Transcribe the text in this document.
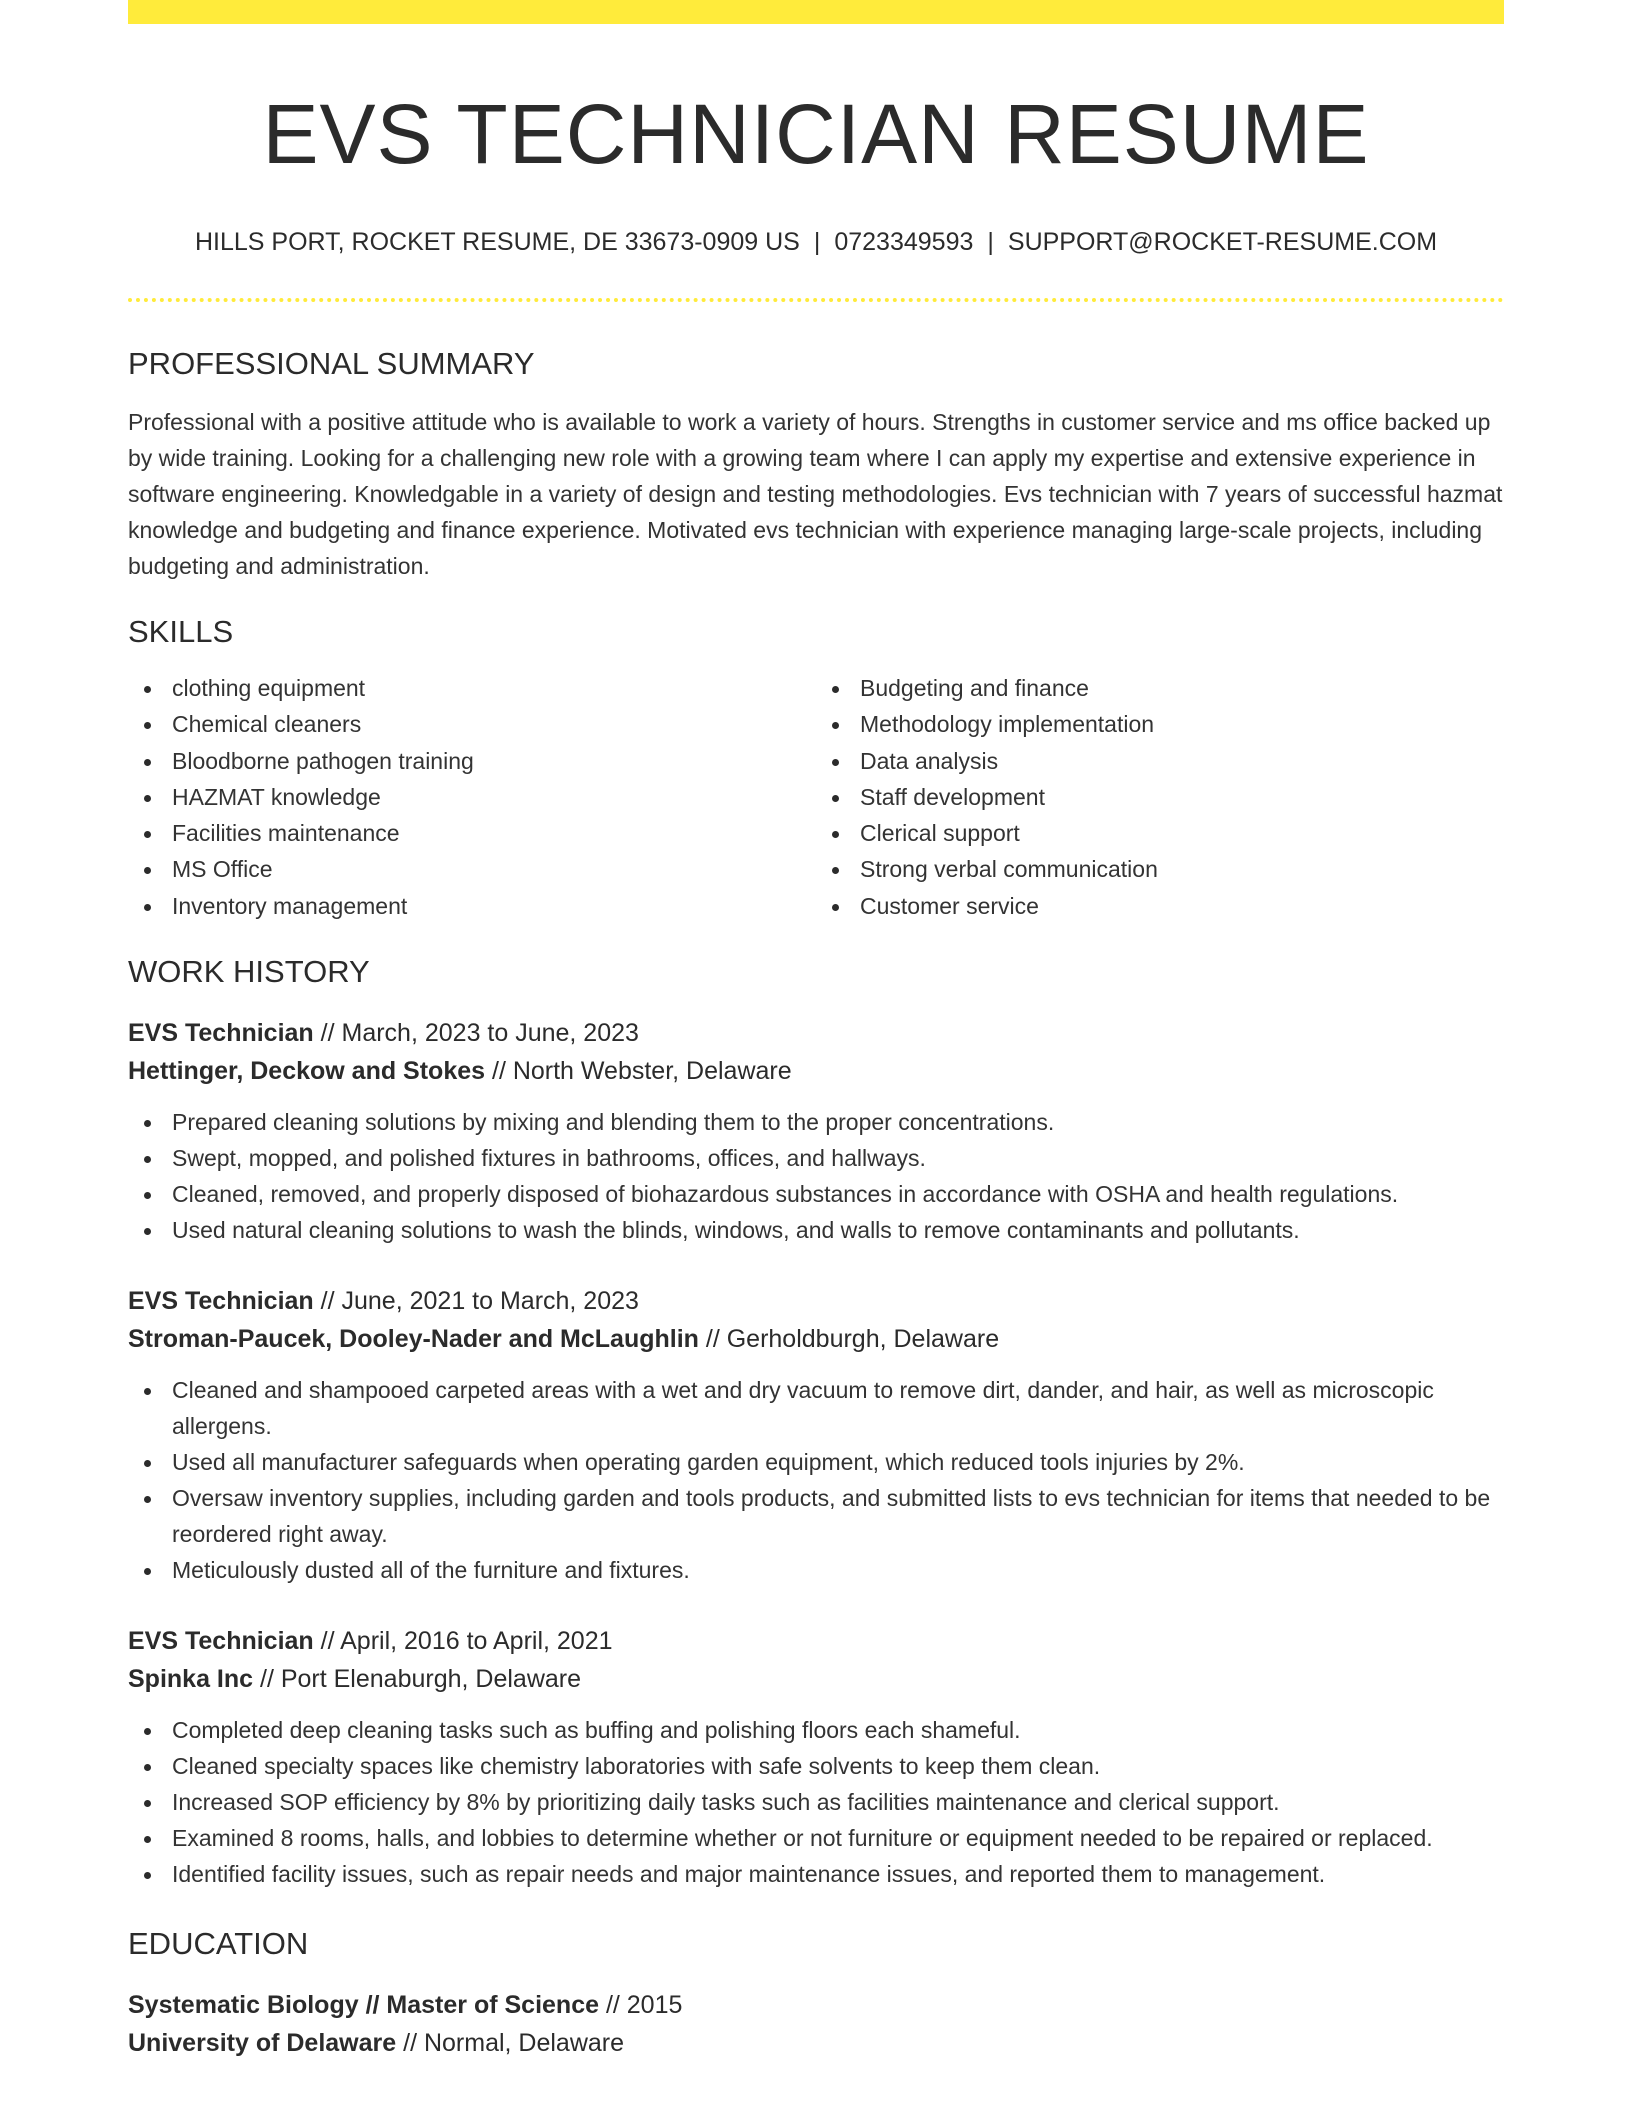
EVS TECHNICIAN RESUME
HILLS PORT, ROCKET RESUME, DE 33673-0909 US | 0723349593 | SUPPORT@ROCKET-RESUME.COM
PROFESSIONAL SUMMARY

Professional with a positive attitude who is available to work a variety of hours. Strengths in customer service and ms office backed up by wide training. Looking for a challenging new role with a growing team where I can apply my expertise and extensive experience in software engineering. Knowledgable in a variety of design and testing methodologies. Evs technician with 7 years of successful hazmat knowledge and budgeting and finance experience. Motivated evs technician with experience managing large-scale projects, including budgeting and administration.

SKILLS
clothing equipment
Chemical cleaners
Bloodborne pathogen training
HAZMAT knowledge
Facilities maintenance
MS Office
Inventory management
Budgeting and finance
Methodology implementation
Data analysis
Staff development
Clerical support
Strong verbal communication
Customer service
WORK HISTORY
EVS Technician // March, 2023 to June, 2023
Hettinger, Deckow and Stokes // North Webster, Delaware
Prepared cleaning solutions by mixing and blending them to the proper concentrations.
Swept, mopped, and polished fixtures in bathrooms, offices, and hallways.
Cleaned, removed, and properly disposed of biohazardous substances in accordance with OSHA and health regulations.
Used natural cleaning solutions to wash the blinds, windows, and walls to remove contaminants and pollutants.
EVS Technician // June, 2021 to March, 2023
Stroman-Paucek, Dooley-Nader and McLaughlin // Gerholdburgh, Delaware
Cleaned and shampooed carpeted areas with a wet and dry vacuum to remove dirt, dander, and hair, as well as microscopic allergens.
Used all manufacturer safeguards when operating garden equipment, which reduced tools injuries by 2%.
Oversaw inventory supplies, including garden and tools products, and submitted lists to evs technician for items that needed to be reordered right away.
Meticulously dusted all of the furniture and fixtures.
EVS Technician // April, 2016 to April, 2021
Spinka Inc // Port Elenaburgh, Delaware
Completed deep cleaning tasks such as buffing and polishing floors each shameful.
Cleaned specialty spaces like chemistry laboratories with safe solvents to keep them clean.
Increased SOP efficiency by 8% by prioritizing daily tasks such as facilities maintenance and clerical support.
Examined 8 rooms, halls, and lobbies to determine whether or not furniture or equipment needed to be repaired or replaced.
Identified facility issues, such as repair needs and major maintenance issues, and reported them to management.
EDUCATION
Systematic Biology // Master of Science // 2015
University of Delaware // Normal, Delaware
